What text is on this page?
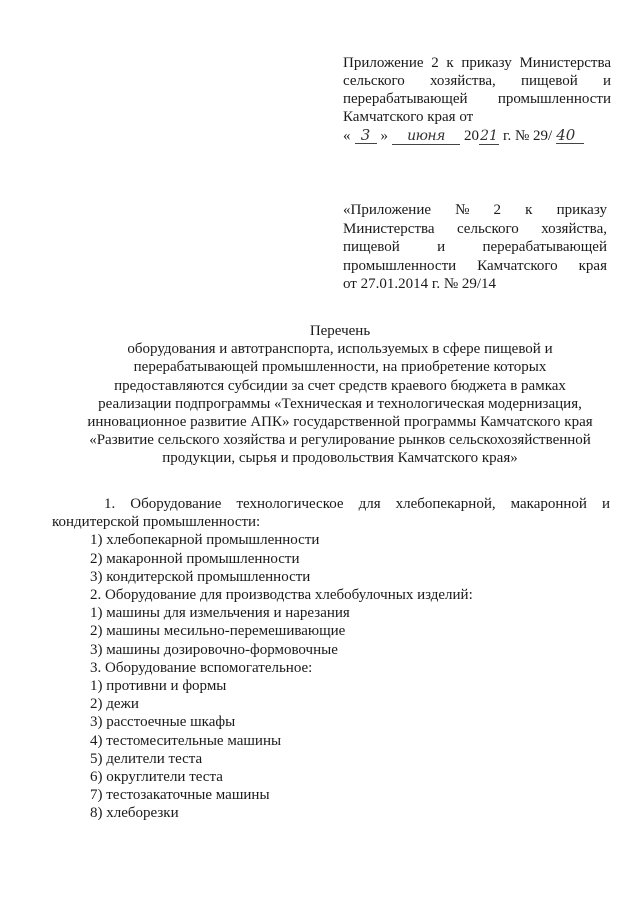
Приложение 2 к приказу Министерства
сельского хозяйства, пищевой и
перерабатывающей промышленности
Камчатского края от
« 3 »	июня	20 21 г. № 29/ 40
«Приложение № 2 к приказу
Министерства сельского хозяйства,
пищевой и перерабатывающей
промышленности Камчатского края
от 27.01.2014 г. № 29/14
Перечень
оборудования и автотранспорта, используемых в сфере пищевой и
перерабатывающей промышленности, на приобретение которых
предоставляются субсидии за счет средств краевого бюджета в рамках
реализации подпрограммы «Техническая и технологическая модернизация,
инновационное развитие АПК» государственной программы Камчатского края
«Развитие сельского хозяйства и регулирование рынков сельскохозяйственной
продукции, сырья и продовольствия Камчатского края»
1. Оборудование технологическое для хлебопекарной, макаронной и кондитерской промышленности:
1) хлебопекарной промышленности
2) макаронной промышленности
3) кондитерской промышленности
2. Оборудование для производства хлебобулочных изделий:
1) машины для измельчения и нарезания
2) машины месильно-перемешивающие
3) машины дозировочно-формовочные
3. Оборудование вспомогательное:
1) противни и формы
2) дежи
3) расстоечные шкафы
4) тестомесительные машины
5) делители теста
6) округлители теста
7) тестозакаточные машины
8) хлеборезки
